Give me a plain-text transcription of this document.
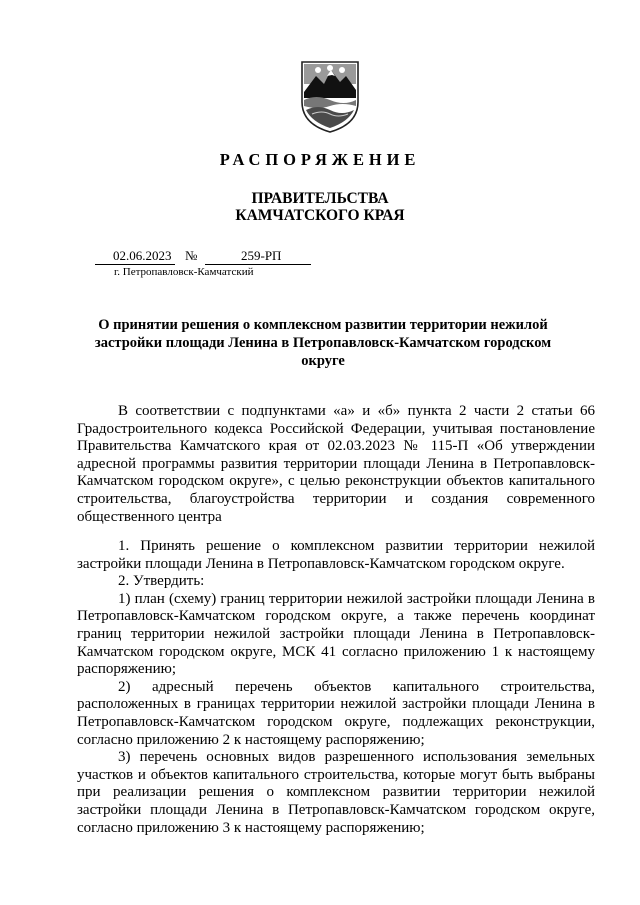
РАСПОРЯЖЕНИЕ
ПРАВИТЕЛЬСТВА
КАМЧАТСКОГО КРАЯ
02.06.2023 №	259-РП
г. Петропавловск-Камчатский
О принятии решения о комплексном развитии территории нежилой застройки площади Ленина в Петропавловск-Камчатском городском округе

В соответствии с подпунктами «а» и «б» пункта 2 части 2 статьи 66 Градостроительного кодекса Российской Федерации, учитывая постановление Правительства Камчатского края от 02.03.2023 № 115-П «Об утверждении адресной программы развития территории площади Ленина в Петропавловск-Камчатском городском округе», с целью реконструкции объектов капитального строительства, благоустройства территории и создания современного общественного центра

1. Принять решение о комплексном развитии территории нежилой застройки площади Ленина в Петропавловск-Камчатском городском округе.

2. Утвердить:

1) план (схему) границ территории нежилой застройки площади Ленина в Петропавловск-Камчатском городском округе, а также перечень координат границ территории нежилой застройки площади Ленина в Петропавловск-Камчатском городском округе, МСК 41 согласно приложению 1 к настоящему распоряжению;

2) адресный перечень объектов капитального строительства, расположенных в границах территории нежилой застройки площади Ленина в Петропавловск-Камчатском городском округе, подлежащих реконструкции, согласно приложению 2 к настоящему распоряжению;

3) перечень основных видов разрешенного использования земельных участков и объектов капитального строительства, которые могут быть выбраны при реализации решения о комплексном развитии территории нежилой застройки площади Ленина в Петропавловск-Камчатском городском округе, согласно приложению 3 к настоящему распоряжению;
